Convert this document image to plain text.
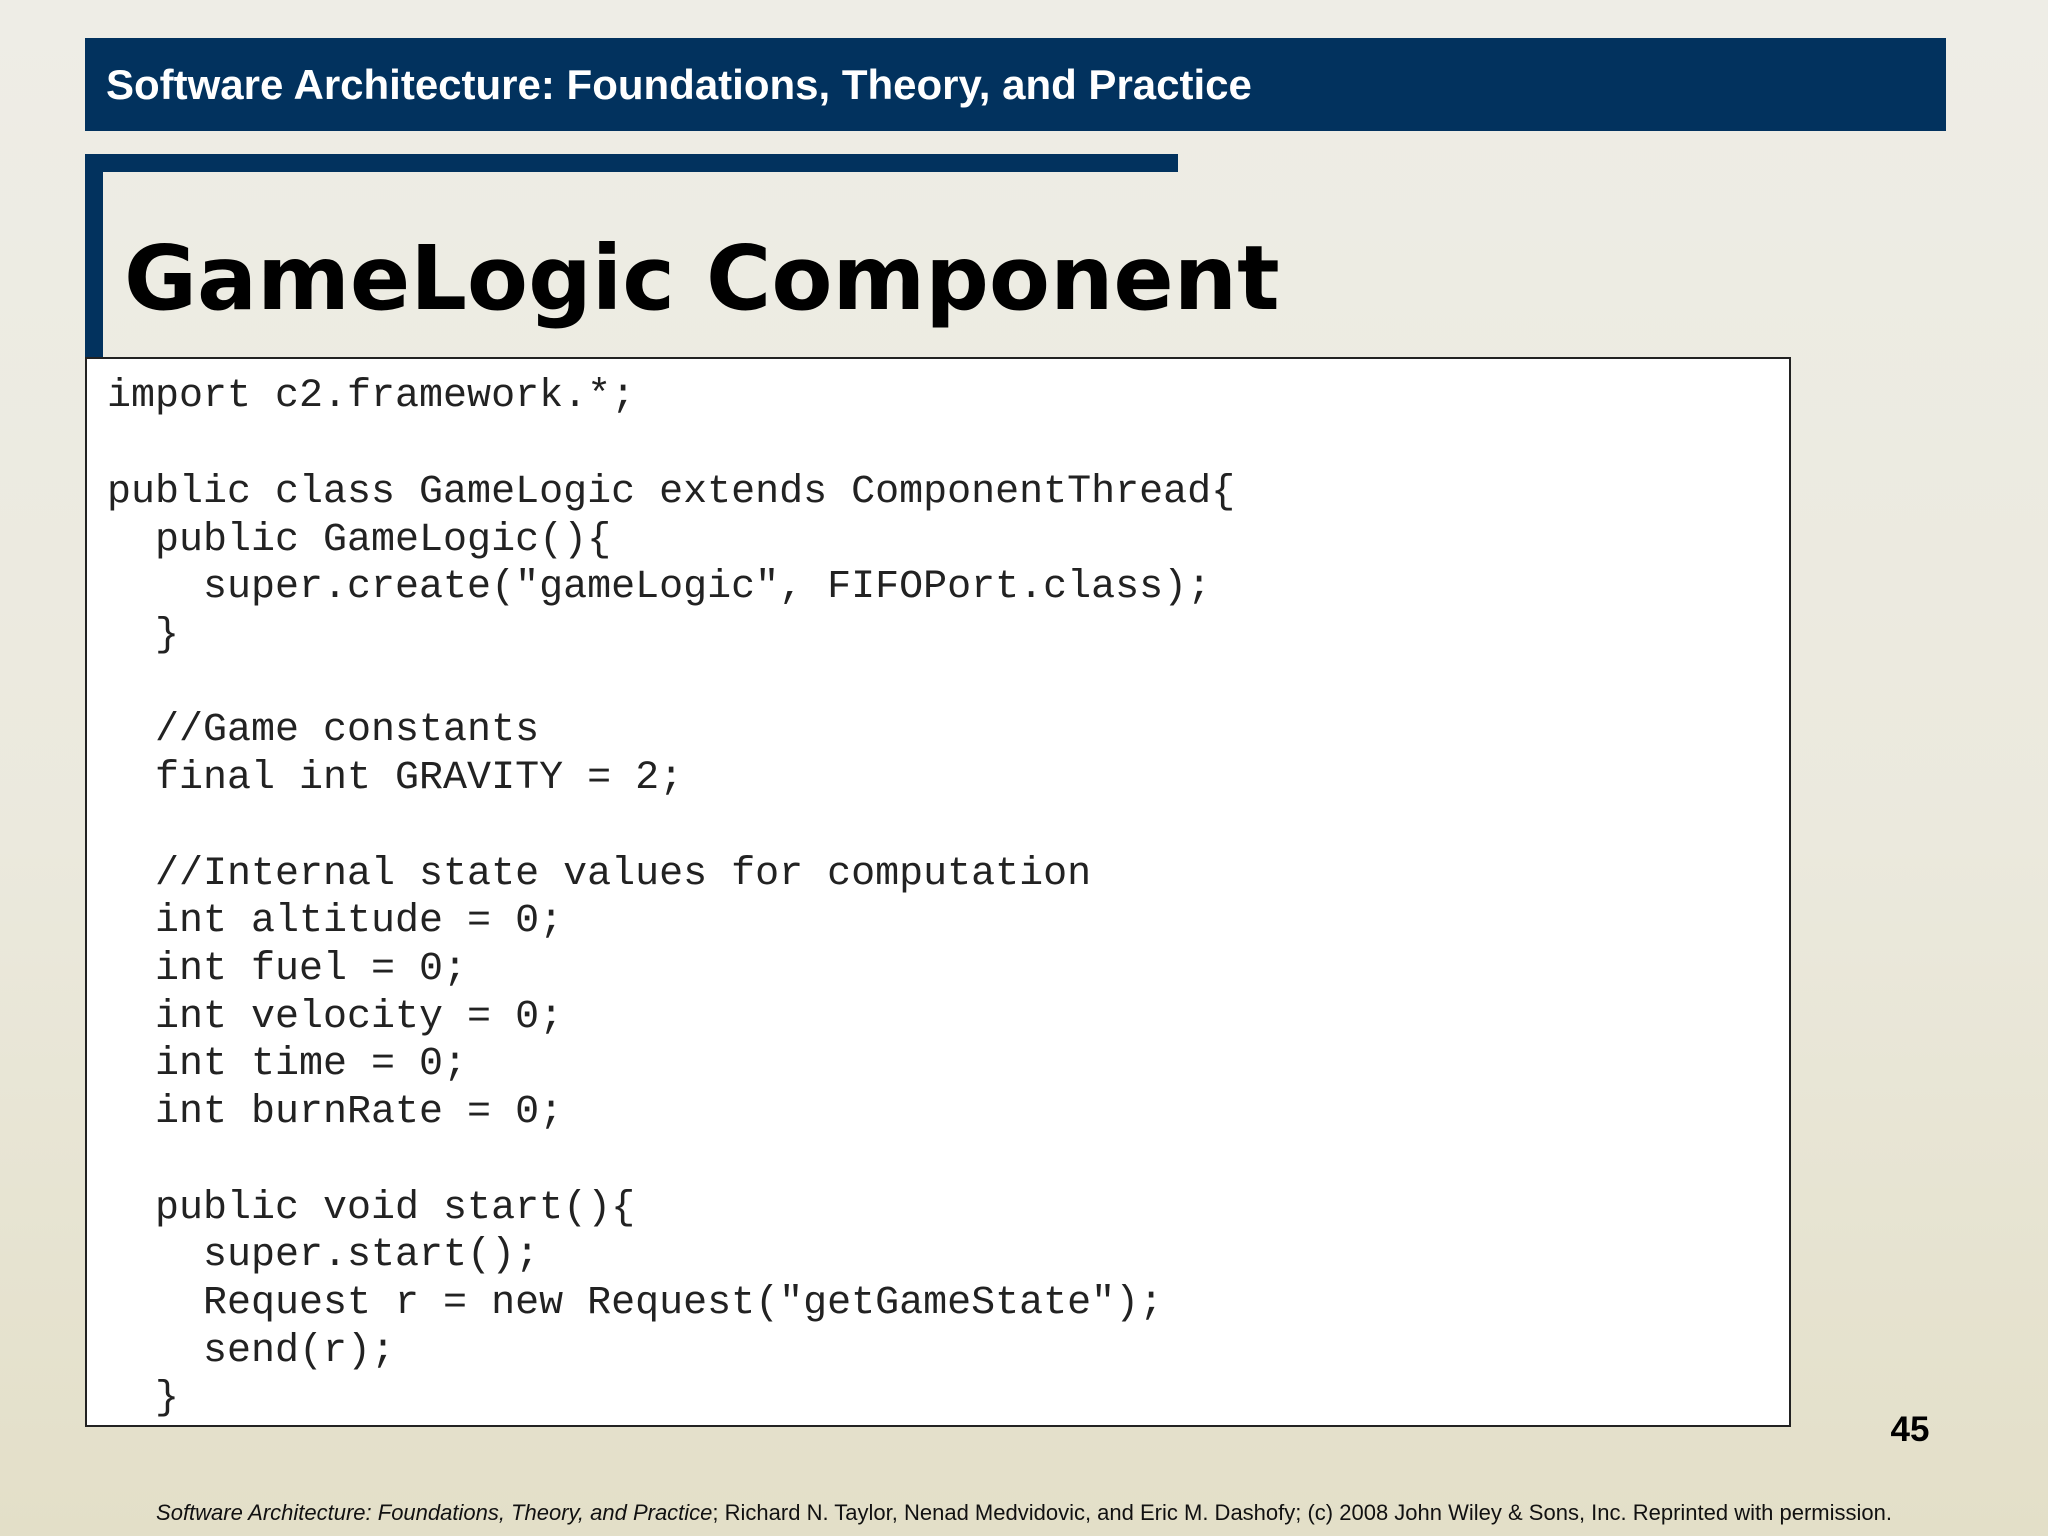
Software Architecture: Foundations, Theory, and Practice
GameLogic Component
import c2.framework.*;
public class GameLogic extends ComponentThread{
public GameLogic(){
super.create("gameLogic", FIFOPort.class);
}
//Game constants
final int GRAVITY = 2;
//Internal state values for computation
int altitude = 0;
int fuel = 0;
int velocity = 0;
int time = 0;
int burnRate = 0;
public void start(){
super.start();
Request r = new Request("getGameState");
send(r);
}
45
Software Architecture: Foundations, Theory, and Practice; Richard N. Taylor, Nenad Medvidovic, and Eric M. Dashofy; (c) 2008 John Wiley & Sons, Inc. Reprinted with permission.
